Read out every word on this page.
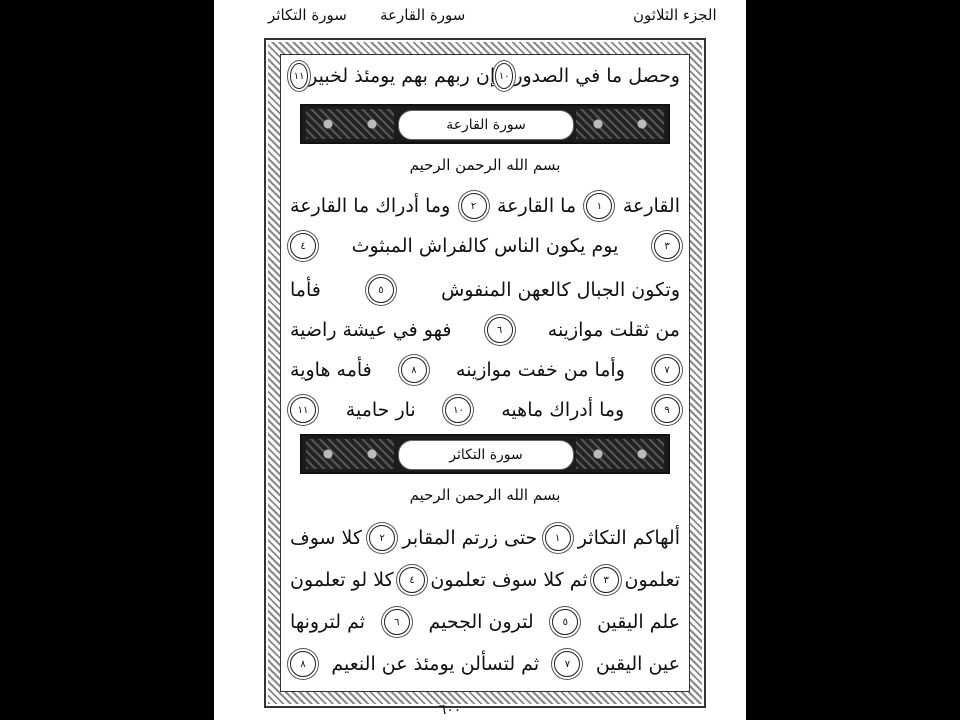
الجزء الثلاثون
سورة القارعة
سورة التكاثر
وحصل ما في الصدور
١٠
إن ربهم بهم يومئذ لخبير
١١
سورة القارعة
بسم الله الرحمن الرحيم
القارعة
١
ما القارعة
٢
وما أدراك ما القارعة
٣
يوم يكون الناس كالفراش المبثوث
٤
وتكون الجبال كالعهن المنفوش
٥
فأما
من ثقلت موازينه
٦
فهو في عيشة راضية
٧
وأما من خفت موازينه
٨
فأمه هاوية
٩
وما أدراك ماهيه
١٠
نار حامية
١١
سورة التكاثر
بسم الله الرحمن الرحيم
ألهاكم التكاثر
١
حتى زرتم المقابر
٢
كلا سوف
تعلمون
٣
ثم كلا سوف تعلمون
٤
كلا لو تعلمون
علم اليقين
٥
لترون الجحيم
٦
ثم لترونها
عين اليقين
٧
ثم لتسألن يومئذ عن النعيم
٨
٦٠٠
